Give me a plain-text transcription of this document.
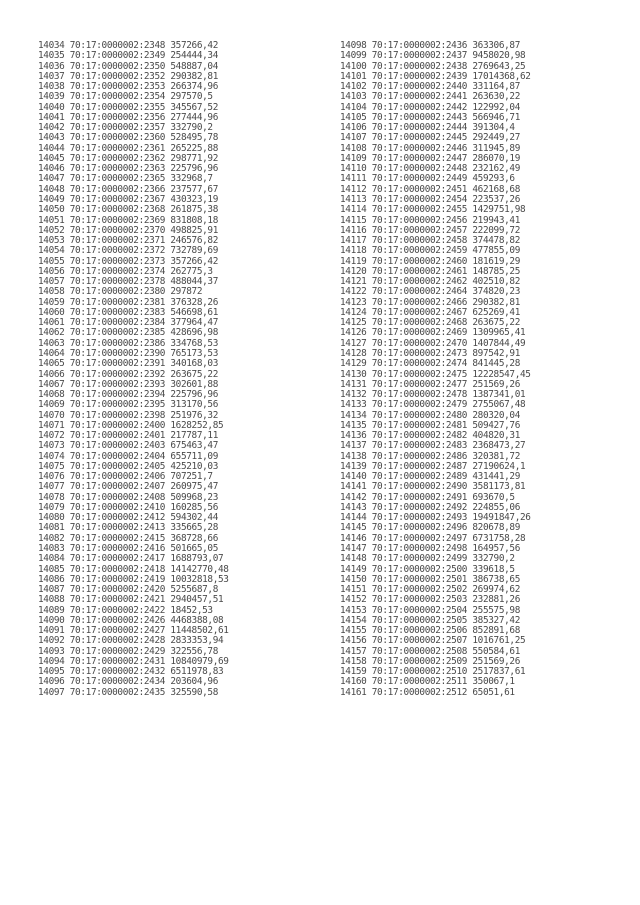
14034 70:17:0000002:2348 357266,42
14035 70:17:0000002:2349 254444,34
14036 70:17:0000002:2350 548887,04
14037 70:17:0000002:2352 290382,81
14038 70:17:0000002:2353 266374,96
14039 70:17:0000002:2354 297570,5
14040 70:17:0000002:2355 345567,52
14041 70:17:0000002:2356 277444,96
14042 70:17:0000002:2357 332790,2
14043 70:17:0000002:2360 528495,78
14044 70:17:0000002:2361 265225,88
14045 70:17:0000002:2362 298771,92
14046 70:17:0000002:2363 225796,96
14047 70:17:0000002:2365 332968,7
14048 70:17:0000002:2366 237577,67
14049 70:17:0000002:2367 430323,19
14050 70:17:0000002:2368 261875,38
14051 70:17:0000002:2369 831808,18
14052 70:17:0000002:2370 498825,91
14053 70:17:0000002:2371 246576,82
14054 70:17:0000002:2372 732789,69
14055 70:17:0000002:2373 357266,42
14056 70:17:0000002:2374 262775,3
14057 70:17:0000002:2378 488044,37
14058 70:17:0000002:2380 297872
14059 70:17:0000002:2381 376328,26
14060 70:17:0000002:2383 546698,61
14061 70:17:0000002:2384 377964,47
14062 70:17:0000002:2385 428696,98
14063 70:17:0000002:2386 334768,53
14064 70:17:0000002:2390 765173,53
14065 70:17:0000002:2391 340168,03
14066 70:17:0000002:2392 263675,22
14067 70:17:0000002:2393 302601,88
14068 70:17:0000002:2394 225796,96
14069 70:17:0000002:2395 313170,56
14070 70:17:0000002:2398 251976,32
14071 70:17:0000002:2400 1628252,85
14072 70:17:0000002:2401 217787,11
14073 70:17:0000002:2403 675463,47
14074 70:17:0000002:2404 655711,09
14075 70:17:0000002:2405 425210,03
14076 70:17:0000002:2406 707251,7
14077 70:17:0000002:2407 260975,47
14078 70:17:0000002:2408 509968,23
14079 70:17:0000002:2410 160285,56
14080 70:17:0000002:2412 594302,44
14081 70:17:0000002:2413 335665,28
14082 70:17:0000002:2415 368728,66
14083 70:17:0000002:2416 501665,05
14084 70:17:0000002:2417 1688793,07
14085 70:17:0000002:2418 14142770,48
14086 70:17:0000002:2419 10032818,53
14087 70:17:0000002:2420 5255687,8
14088 70:17:0000002:2421 2940457,51
14089 70:17:0000002:2422 18452,53
14090 70:17:0000002:2426 4468388,08
14091 70:17:0000002:2427 11448502,61
14092 70:17:0000002:2428 2833353,94
14093 70:17:0000002:2429 322556,78
14094 70:17:0000002:2431 10840979,69
14095 70:17:0000002:2432 6511978,83
14096 70:17:0000002:2434 203604,96
14097 70:17:0000002:2435 325590,58
14098 70:17:0000002:2436 363306,87
14099 70:17:0000002:2437 9458020,98
14100 70:17:0000002:2438 2769643,25
14101 70:17:0000002:2439 17014368,62
14102 70:17:0000002:2440 331164,87
14103 70:17:0000002:2441 263630,22
14104 70:17:0000002:2442 122992,04
14105 70:17:0000002:2443 566946,71
14106 70:17:0000002:2444 391304,4
14107 70:17:0000002:2445 292449,27
14108 70:17:0000002:2446 311945,89
14109 70:17:0000002:2447 286070,19
14110 70:17:0000002:2448 232162,49
14111 70:17:0000002:2449 459293,6
14112 70:17:0000002:2451 462168,68
14113 70:17:0000002:2454 223537,26
14114 70:17:0000002:2455 1429751,98
14115 70:17:0000002:2456 219943,41
14116 70:17:0000002:2457 222099,72
14117 70:17:0000002:2458 374478,82
14118 70:17:0000002:2459 477855,09
14119 70:17:0000002:2460 181619,29
14120 70:17:0000002:2461 148785,25
14121 70:17:0000002:2462 402510,82
14122 70:17:0000002:2464 374820,23
14123 70:17:0000002:2466 290382,81
14124 70:17:0000002:2467 625269,41
14125 70:17:0000002:2468 263675,22
14126 70:17:0000002:2469 1309965,41
14127 70:17:0000002:2470 1407844,49
14128 70:17:0000002:2473 897542,91
14129 70:17:0000002:2474 841445,28
14130 70:17:0000002:2475 12228547,45
14131 70:17:0000002:2477 251569,26
14132 70:17:0000002:2478 1387341,01
14133 70:17:0000002:2479 2755067,48
14134 70:17:0000002:2480 280320,04
14135 70:17:0000002:2481 509427,76
14136 70:17:0000002:2482 404820,31
14137 70:17:0000002:2483 2368473,27
14138 70:17:0000002:2486 320381,72
14139 70:17:0000002:2487 27190624,1
14140 70:17:0000002:2489 431441,29
14141 70:17:0000002:2490 3581173,81
14142 70:17:0000002:2491 693670,5
14143 70:17:0000002:2492 224855,06
14144 70:17:0000002:2493 19491847,26
14145 70:17:0000002:2496 820678,89
14146 70:17:0000002:2497 6731758,28
14147 70:17:0000002:2498 164957,56
14148 70:17:0000002:2499 332790,2
14149 70:17:0000002:2500 339618,5
14150 70:17:0000002:2501 386738,65
14151 70:17:0000002:2502 269974,62
14152 70:17:0000002:2503 232881,26
14153 70:17:0000002:2504 255575,98
14154 70:17:0000002:2505 385327,42
14155 70:17:0000002:2506 852891,68
14156 70:17:0000002:2507 1016761,25
14157 70:17:0000002:2508 550584,61
14158 70:17:0000002:2509 251569,26
14159 70:17:0000002:2510 2517837,61
14160 70:17:0000002:2511 350067,1
14161 70:17:0000002:2512 65051,61
